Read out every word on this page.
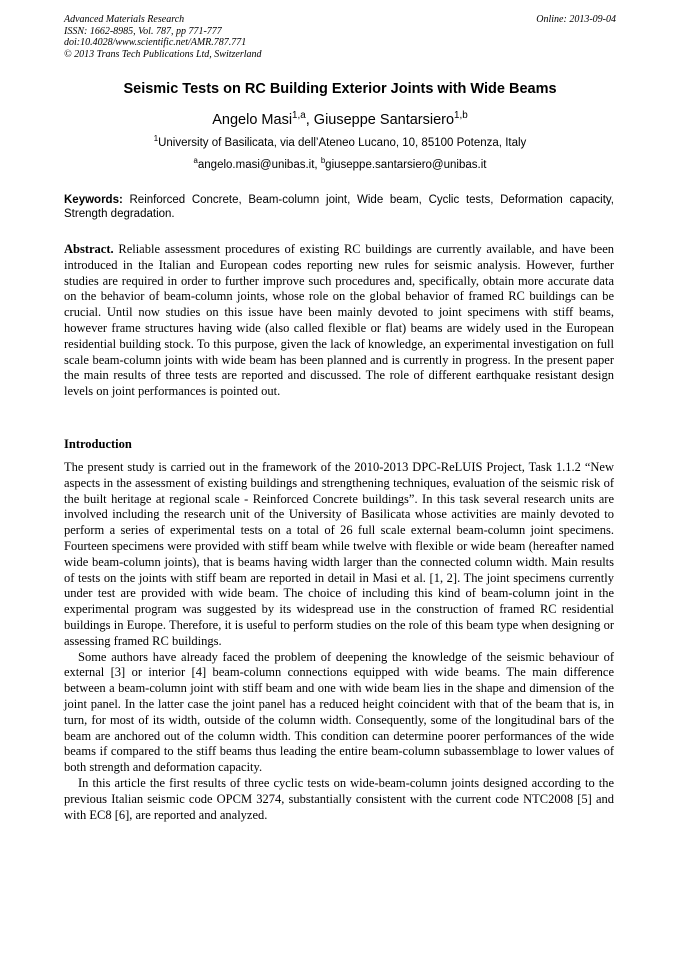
Advanced Materials Research
ISSN: 1662-8985, Vol. 787, pp 771-777
doi:10.4028/www.scientific.net/AMR.787.771
© 2013 Trans Tech Publications Ltd, Switzerland
Online: 2013-09-04
Seismic Tests on RC Building Exterior Joints with Wide Beams
Angelo Masi$^{1,a}$, Giuseppe Santarsiero$^{1,b}$
$^1$University of Basilicata, via dell’Ateneo Lucano, 10, 85100 Potenza, Italy
$^a$angelo.masi@unibas.it, $^b$giuseppe.santarsiero@unibas.it
Keywords: Reinforced Concrete, Beam-column joint, Wide beam, Cyclic tests, Deformation capacity, Strength degradation.
Abstract. Reliable assessment procedures of existing RC buildings are currently available, and have been introduced in the Italian and European codes reporting new rules for seismic analysis. However, further studies are required in order to further improve such procedures and, specifically, obtain more accurate data on the behavior of beam-column joints, whose role on the global behavior of framed RC buildings can be crucial. Until now studies on this issue have been mainly devoted to joint specimens with stiff beams, however frame structures having wide (also called flexible or flat) beams are widely used in the European residential building stock. To this purpose, given the lack of knowledge, an experimental investigation on full scale beam-column joints with wide beam has been planned and is currently in progress. In the present paper the main results of three tests are reported and discussed. The role of different earthquake resistant design levels on joint performances is pointed out.
Introduction

The present study is carried out in the framework of the 2010-2013 DPC-ReLUIS Project, Task 1.1.2 “New aspects in the assessment of existing buildings and strengthening techniques, evaluation of the seismic risk of the built heritage at regional scale - Reinforced Concrete buildings”. In this task several research units are involved including the research unit of the University of Basilicata whose activities are mainly devoted to perform a series of experimental tests on a total of 26 full scale external beam-column joint specimens. Fourteen specimens were provided with stiff beam while twelve with flexible or wide beam (hereafter named wide beam-column joints), that is beams having width larger than the connected column width. Main results of tests on the joints with stiff beam are reported in detail in Masi et al. [1, 2]. The joint specimens currently under test are provided with wide beam. The choice of including this kind of beam-column joint in the experimental program was suggested by its widespread use in the construction of framed RC residential buildings in Europe. Therefore, it is useful to perform studies on the role of this beam type when designing or assessing framed RC buildings.

Some authors have already faced the problem of deepening the knowledge of the seismic behaviour of external [3] or interior [4] beam-column connections equipped with wide beams. The main difference between a beam-column joint with stiff beam and one with wide beam lies in the shape and dimension of the joint panel. In the latter case the joint panel has a reduced height coincident with that of the beam that is, in turn, for most of its width, outside of the column width. Consequently, some of the longitudinal bars of the beam are anchored out of the column width. This condition can determine poorer performances of the wide beams if compared to the stiff beams thus leading the entire beam-column subassemblage to lower values of both strength and deformation capacity.

In this article the first results of three cyclic tests on wide-beam-column joints designed according to the previous Italian seismic code OPCM 3274, substantially consistent with the current code NTC2008 [5] and with EC8 [6], are reported and analyzed.
